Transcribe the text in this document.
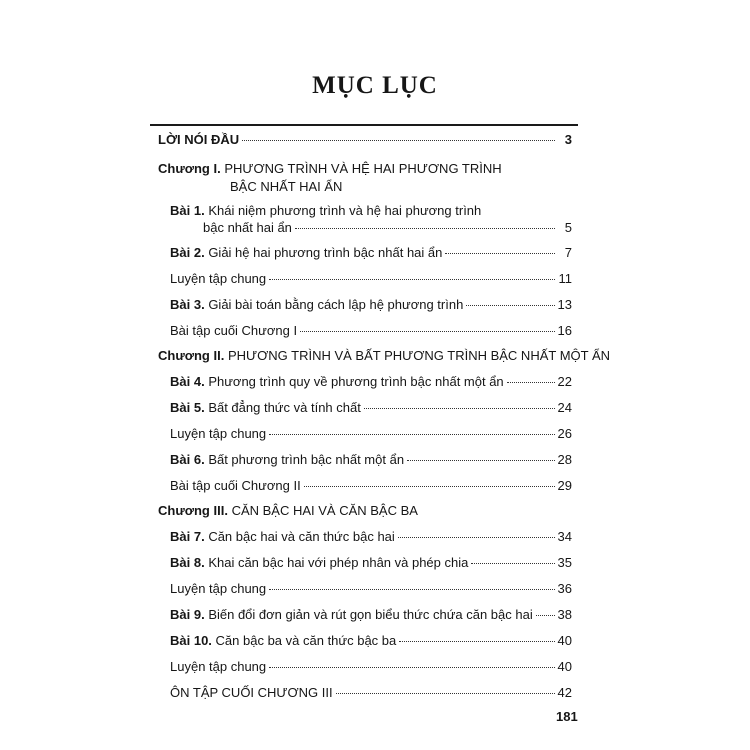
MỤC LỤC
LỜI NÓI ĐẦU	3
Chương I. PHƯƠNG TRÌNH VÀ HỆ HAI PHƯƠNG TRÌNH
BẬC NHẤT HAI ẨN
Bài 1. Khái niệm phương trình và hệ hai phương trình
bậc nhất hai ẩn	5
Bài 2. Giải hệ hai phương trình bậc nhất hai ẩn	7
Luyện tập chung	11
Bài 3. Giải bài toán bằng cách lập hệ phương trình	13
Bài tập cuối Chương I	16
Chương II. PHƯƠNG TRÌNH VÀ BẤT PHƯƠNG TRÌNH BẬC NHẤT MỘT ẨN
Bài 4. Phương trình quy về phương trình bậc nhất một ẩn	22
Bài 5. Bất đẳng thức và tính chất	24
Luyện tập chung	26
Bài 6. Bất phương trình bậc nhất một ẩn	28
Bài tập cuối Chương II	29
Chương III. CĂN BẬC HAI VÀ CĂN BẬC BA
Bài 7. Căn bậc hai và căn thức bậc hai	34
Bài 8. Khai căn bậc hai với phép nhân và phép chia	35
Luyện tập chung	36
Bài 9. Biến đổi đơn giản và rút gọn biểu thức chứa căn bậc hai 38
Bài 10. Căn bậc ba và căn thức bậc ba	40
Luyện tập chung	40
ÔN TẬP CUỐI CHƯƠNG III	42
181
